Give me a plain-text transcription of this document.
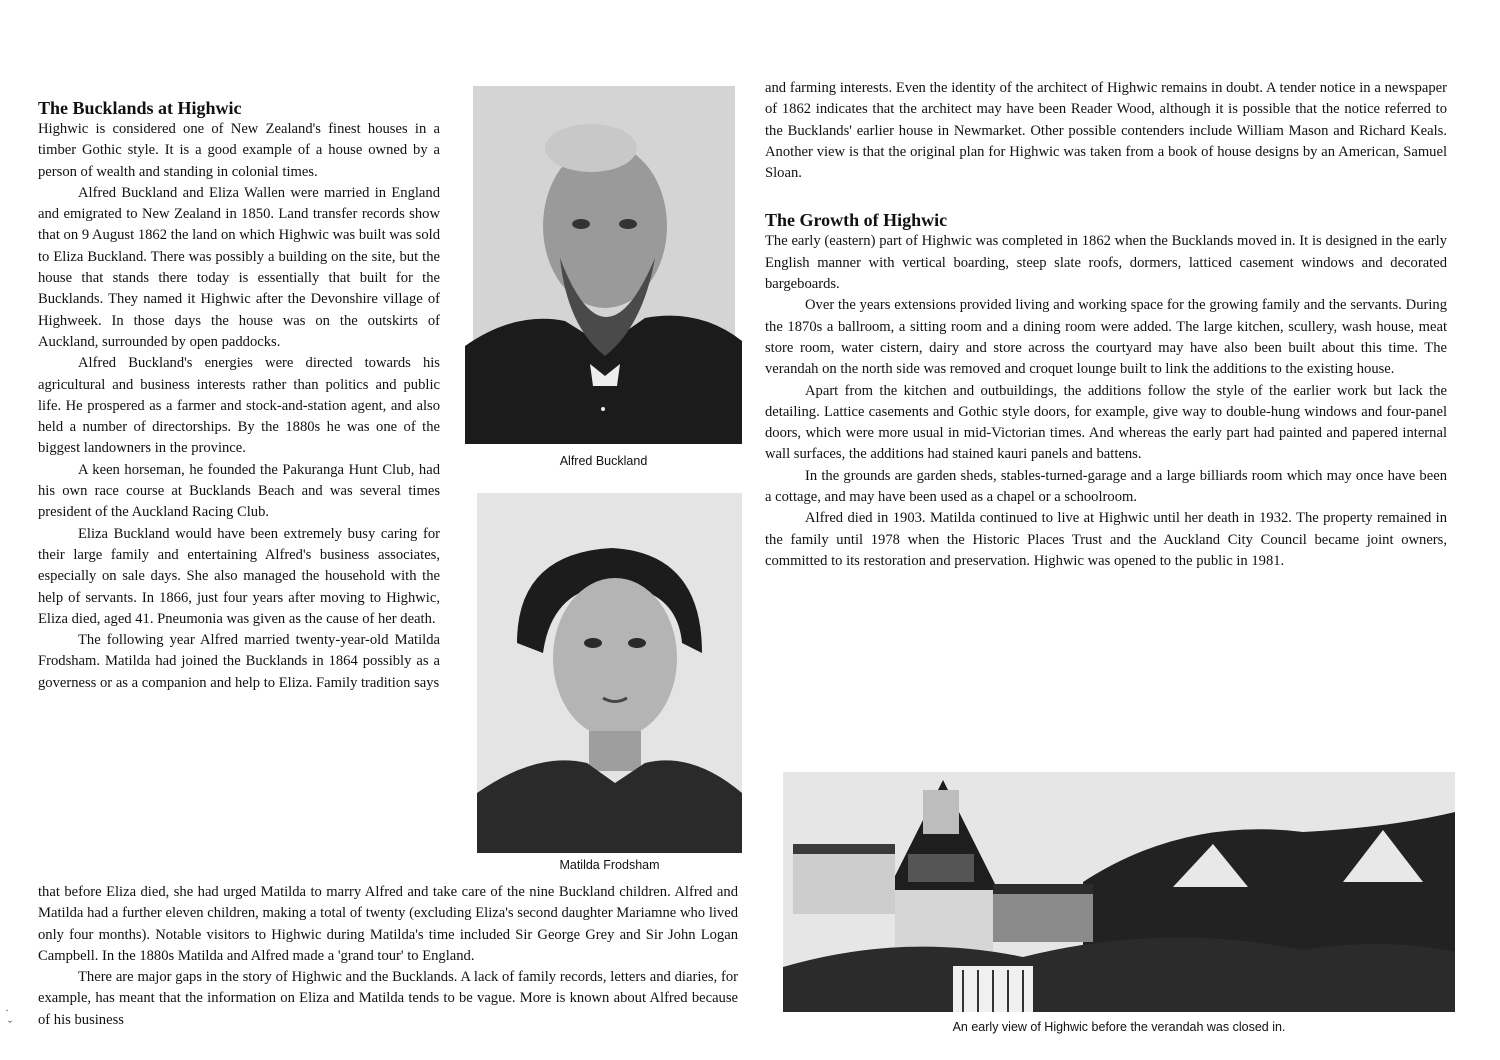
The Bucklands at Highwic

Highwic is considered one of New Zealand's finest houses in a timber Gothic style. It is a good example of a house owned by a person of wealth and standing in colonial times.

Alfred Buckland and Eliza Wallen were married in England and emigrated to New Zealand in 1850. Land transfer records show that on 9 August 1862 the land on which Highwic was built was sold to Eliza Buckland. There was possibly a building on the site, but the house that stands there today is essentially that built for the Bucklands. They named it Highwic after the Devonshire village of Highweek. In those days the house was on the outskirts of Auckland, surrounded by open paddocks.

Alfred Buckland's energies were directed towards his agricultural and business interests rather than politics and public life. He prospered as a farmer and stock-and-station agent, and also held a number of directorships. By the 1880s he was one of the biggest landowners in the province.

A keen horseman, he founded the Pakuranga Hunt Club, had his own race course at Bucklands Beach and was several times president of the Auckland Racing Club.

Eliza Buckland would have been extremely busy caring for their large family and entertaining Alfred's business associates, especially on sale days. She also managed the household with the help of servants. In 1866, just four years after moving to Highwic, Eliza died, aged 41. Pneumonia was given as the cause of her death.

The following year Alfred married twenty-year-old Matilda Frodsham. Matilda had joined the Bucklands in 1864 possibly as a governess or as a companion and help to Eliza. Family tradition says

that before Eliza died, she had urged Matilda to marry Alfred and take care of the nine Buckland children. Alfred and Matilda had a further eleven children, making a total of twenty (excluding Eliza's second daughter Mariamne who lived only four months). Notable visitors to Highwic during Matilda's time included Sir George Grey and Sir John Logan Campbell. In the 1880s Matilda and Alfred made a 'grand tour' to England.

There are major gaps in the story of Highwic and the Bucklands. A lack of family records, letters and diaries, for example, has meant that the information on Eliza and Matilda tends to be vague. More is known about Alfred because of his business

Alfred Buckland
Matilda Frodsham

and farming interests. Even the identity of the architect of Highwic remains in doubt. A tender notice in a newspaper of 1862 indicates that the architect may have been Reader Wood, although it is possible that the notice referred to the Bucklands' earlier house in Newmarket. Other possible contenders include William Mason and Richard Keals. Another view is that the original plan for Highwic was taken from a book of house designs by an American, Samuel Sloan.

The Growth of Highwic

The early (eastern) part of Highwic was completed in 1862 when the Bucklands moved in. It is designed in the early English manner with vertical boarding, steep slate roofs, dormers, latticed casement windows and decorated bargeboards.

Over the years extensions provided living and working space for the growing family and the servants. During the 1870s a ballroom, a sitting room and a dining room were added. The large kitchen, scullery, wash house, meat store room, water cistern, dairy and store across the courtyard may have also been built about this time. The verandah on the north side was removed and croquet lounge built to link the additions to the existing house.

Apart from the kitchen and outbuildings, the additions follow the style of the earlier work but lack the detailing. Lattice casements and Gothic style doors, for example, give way to double-hung windows and four-panel doors, which were more usual in mid-Victorian times. And whereas the early part had painted and papered internal wall surfaces, the additions had stained kauri panels and battens.

In the grounds are garden sheds, stables-turned-garage and a large billiards room which may once have been a cottage, and may have been used as a chapel or a schoolroom.

Alfred died in 1903. Matilda continued to live at Highwic until her death in 1932. The property remained in the family until 1978 when the Historic Places Trust and the Auckland City Council became joint owners, committed to its restoration and preservation. Highwic was opened to the public in 1981.

An early view of Highwic before the verandah was closed in.
·
ˇ
